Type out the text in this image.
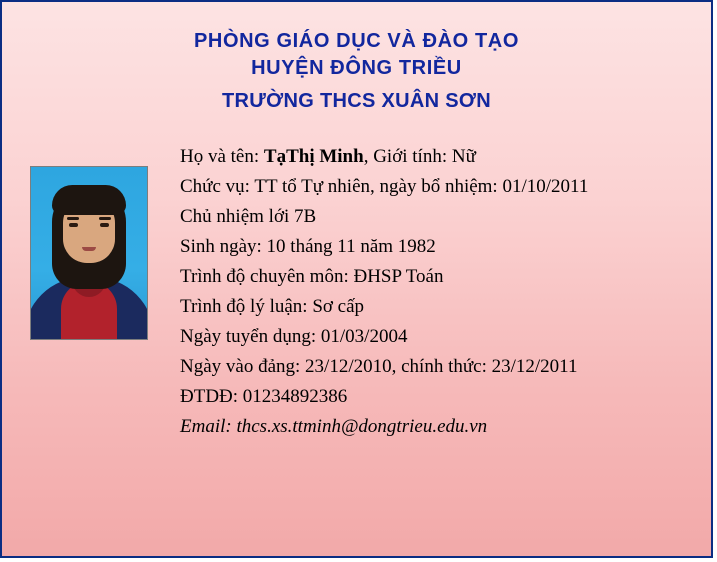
PHÒNG GIÁO DỤC VÀ ĐÀO TẠO
HUYỆN ĐÔNG TRIỀU
TRƯỜNG THCS XUÂN SƠN
Họ và tên: TạThị Minh, Giới tính: Nữ
Chức vụ: TT tổ Tự nhiên, ngày bổ nhiệm: 01/10/2011
Chủ nhiệm lới 7B
Sinh ngày: 10 tháng 11 năm 1982
Trình độ chuyên môn: ĐHSP Toán
Trình độ lý luận: Sơ cấp
Ngày tuyển dụng: 01/03/2004
Ngày vào đảng: 23/12/2010, chính thức: 23/12/2011
ĐTDĐ: 01234892386
Email: thcs.xs.ttminh@dongtrieu.edu.vn
